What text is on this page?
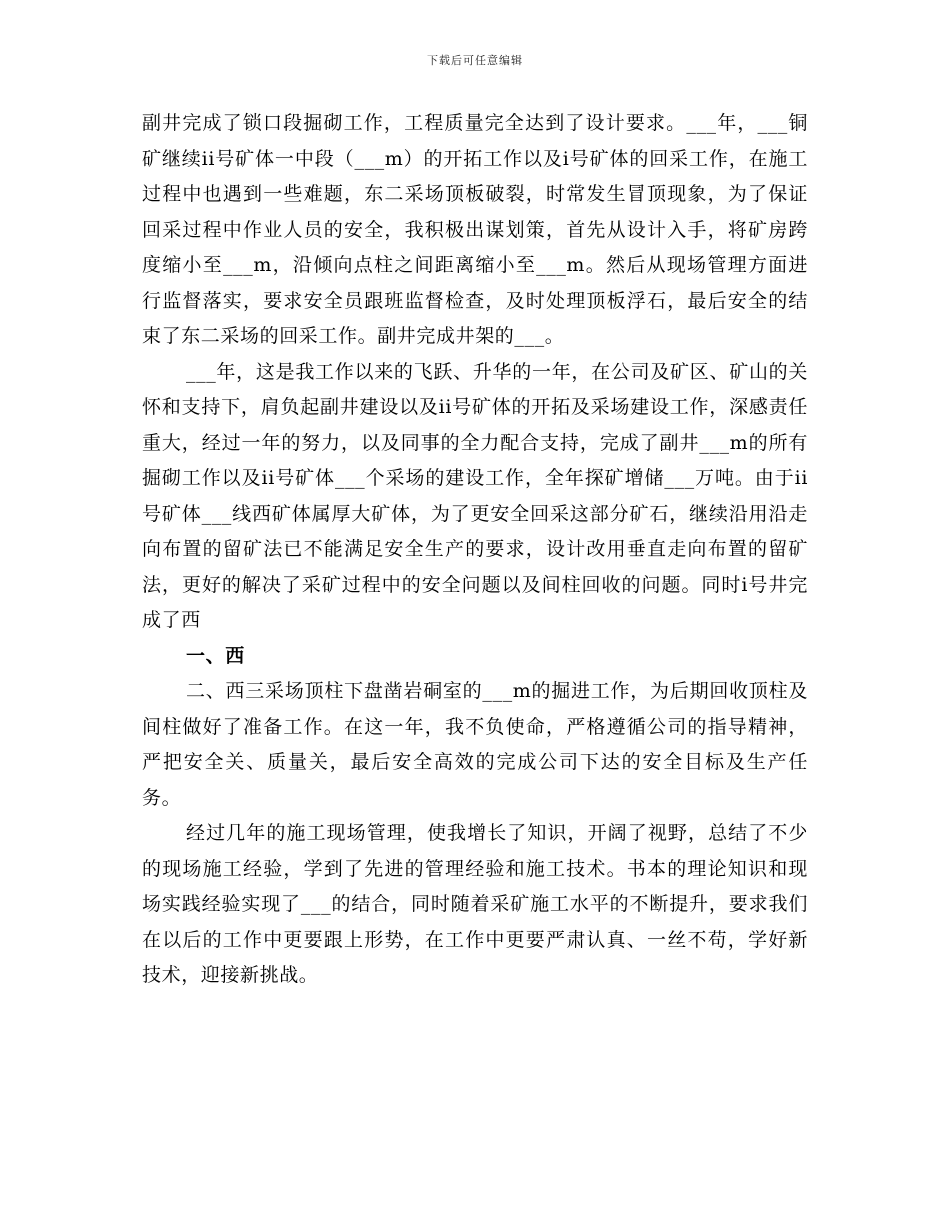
下载后可任意编辑

副井完成了锁口段掘砌工作，工程质量完全达到了设计要求。___年，___铜矿继续ii号矿体一中段（___m）的开拓工作以及ⅰ号矿体的回采工作，在施工过程中也遇到一些难题，东二采场顶板破裂，时常发生冒顶现象，为了保证回采过程中作业人员的安全，我积极出谋划策，首先从设计入手，将矿房跨度缩小至___m，沿倾向点柱之间距离缩小至___m。然后从现场管理方面进行监督落实，要求安全员跟班监督检查，及时处理顶板浮石，最后安全的结束了东二采场的回采工作。副井完成井架的___。

___年，这是我工作以来的飞跃、升华的一年，在公司及矿区、矿山的关怀和支持下，肩负起副井建设以及ii号矿体的开拓及采场建设工作，深感责任重大，经过一年的努力，以及同事的全力配合支持，完成了副井___m的所有掘砌工作以及ii号矿体___个采场的建设工作，全年探矿增储___万吨。由于ii号矿体___线西矿体属厚大矿体，为了更安全回采这部分矿石，继续沿用沿走向布置的留矿法已不能满足安全生产的要求，设计改用垂直走向布置的留矿法，更好的解决了采矿过程中的安全问题以及间柱回收的问题。同时ⅰ号井完成了西

一、西

二、西三采场顶柱下盘凿岩硐室的___m的掘进工作，为后期回收顶柱及间柱做好了准备工作。在这一年，我不负使命，严格遵循公司的指导精神，严把安全关、质量关，最后安全高效的完成公司下达的安全目标及生产任务。

经过几年的施工现场管理，使我增长了知识，开阔了视野，总结了不少的现场施工经验，学到了先进的管理经验和施工技术。书本的理论知识和现场实践经验实现了___的结合，同时随着采矿施工水平的不断提升，要求我们在以后的工作中更要跟上形势，在工作中更要严肃认真、一丝不苟，学好新技术，迎接新挑战。
